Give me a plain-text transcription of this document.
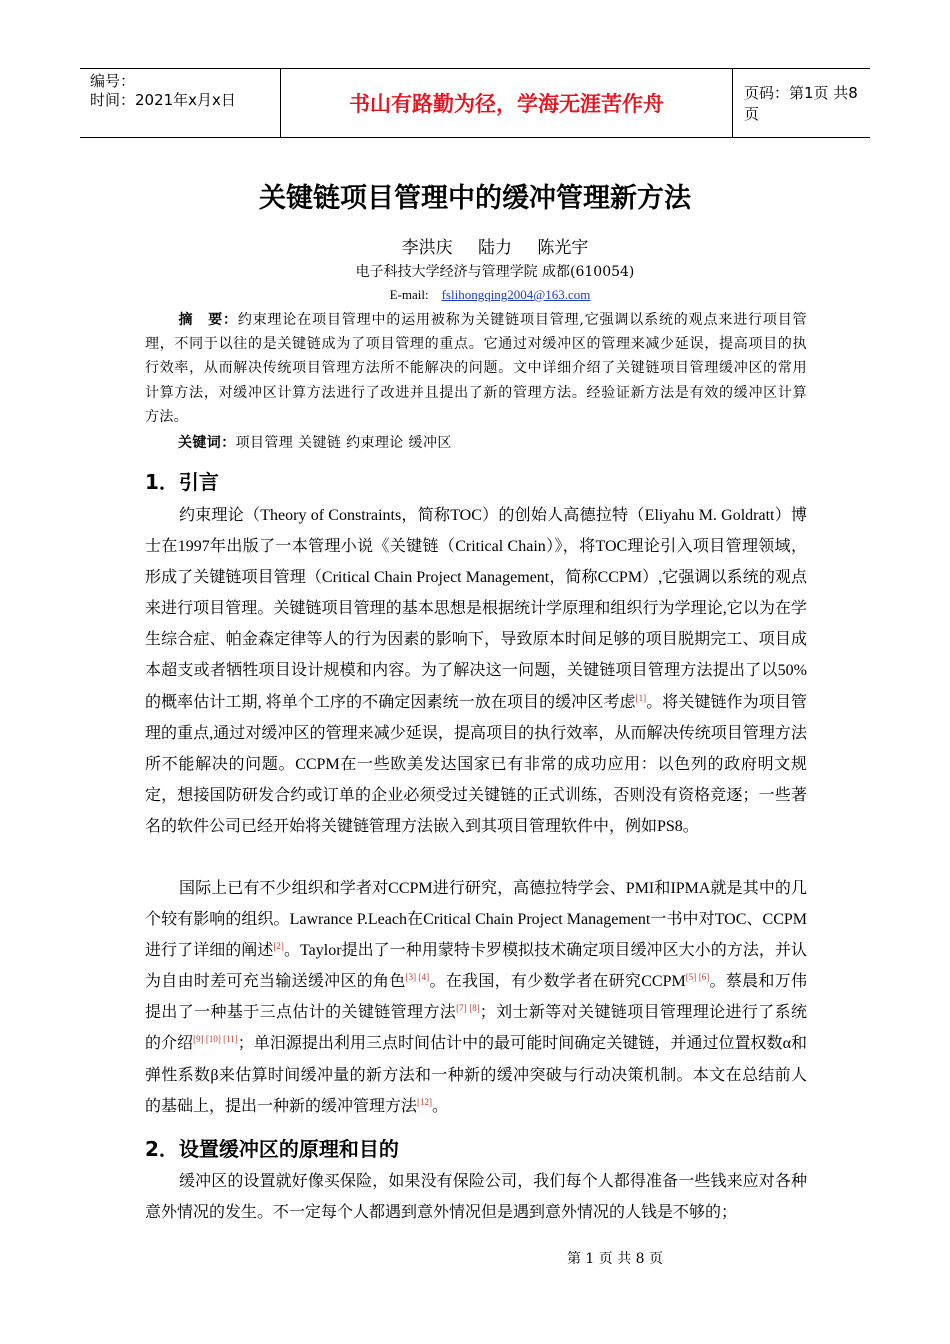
编号：
时间：2021年x月x日	书山有路勤为径，学海无涯苦作舟	页码：第1页 共8页
关键链项目管理中的缓冲管理新方法
李洪庆 陆力 陈光宇
电子科技大学经济与管理学院 成都(610054)
E-mail: fslihongqing2004@163.com
摘　要：约束理论在项目管理中的运用被称为关键链项目管理,它强调以系统的观点来进行项目管理，不同于以往的是关键链成为了项目管理的重点。它通过对缓冲区的管理来减少延误，提高项目的执行效率，从而解决传统项目管理方法所不能解决的问题。文中详细介绍了关键链项目管理缓冲区的常用计算方法，对缓冲区计算方法进行了改进并且提出了新的管理方法。经验证新方法是有效的缓冲区计算方法。
关键词：项目管理 关键链 约束理论 缓冲区
1．引言
约束理论（Theory of Constraints，简称TOC）的创始人高德拉特（Eliyahu M. Goldratt）博士在1997年出版了一本管理小说《关键链（Critical Chain）》，将TOC理论引入项目管理领域，形成了关键链项目管理（Critical Chain Project Management，简称CCPM）,它强调以系统的观点来进行项目管理。关键链项目管理的基本思想是根据统计学原理和组织行为学理论,它以为在学生综合症、帕金森定律等人的行为因素的影响下，导致原本时间足够的项目脱期完工、项目成本超支或者牺牲项目设计规模和内容。为了解决这一问题，关键链项目管理方法提出了以50%的概率估计工期, 将单个工序的不确定因素统一放在项目的缓冲区考虑[1]。将关键链作为项目管理的重点,通过对缓冲区的管理来减少延误，提高项目的执行效率，从而解决传统项目管理方法所不能解决的问题。CCPM在一些欧美发达国家已有非常的成功应用：以色列的政府明文规定，想接国防研发合约或订单的企业必须受过关键链的正式训练，否则没有资格竞逐；一些著名的软件公司已经开始将关键链管理方法嵌入到其项目管理软件中，例如PS8。
国际上已有不少组织和学者对CCPM进行研究，高德拉特学会、PMI和IPMA就是其中的几个较有影响的组织。Lawrance P.Leach在Critical Chain Project Management一书中对TOC、CCPM进行了详细的阐述[2]。Taylor提出了一种用蒙特卡罗模拟技术确定项目缓冲区大小的方法，并认为自由时差可充当输送缓冲区的角色[3] [4]。在我国，有少数学者在研究CCPM[5] [6]。蔡晨和万伟提出了一种基于三点估计的关键链管理方法[7] [8]；刘士新等对关键链项目管理理论进行了系统的介绍[9] [10] [11]；单汨源提出利用三点时间估计中的最可能时间确定关键链，并通过位置权数α和弹性系数β来估算时间缓冲量的新方法和一种新的缓冲突破与行动决策机制。本文在总结前人的基础上，提出一种新的缓冲管理方法[12]。
2．设置缓冲区的原理和目的
缓冲区的设置就好像买保险，如果没有保险公司，我们每个人都得准备一些钱来应对各种意外情况的发生。不一定每个人都遇到意外情况但是遇到意外情况的人钱是不够的；
第 1 页 共 8 页
